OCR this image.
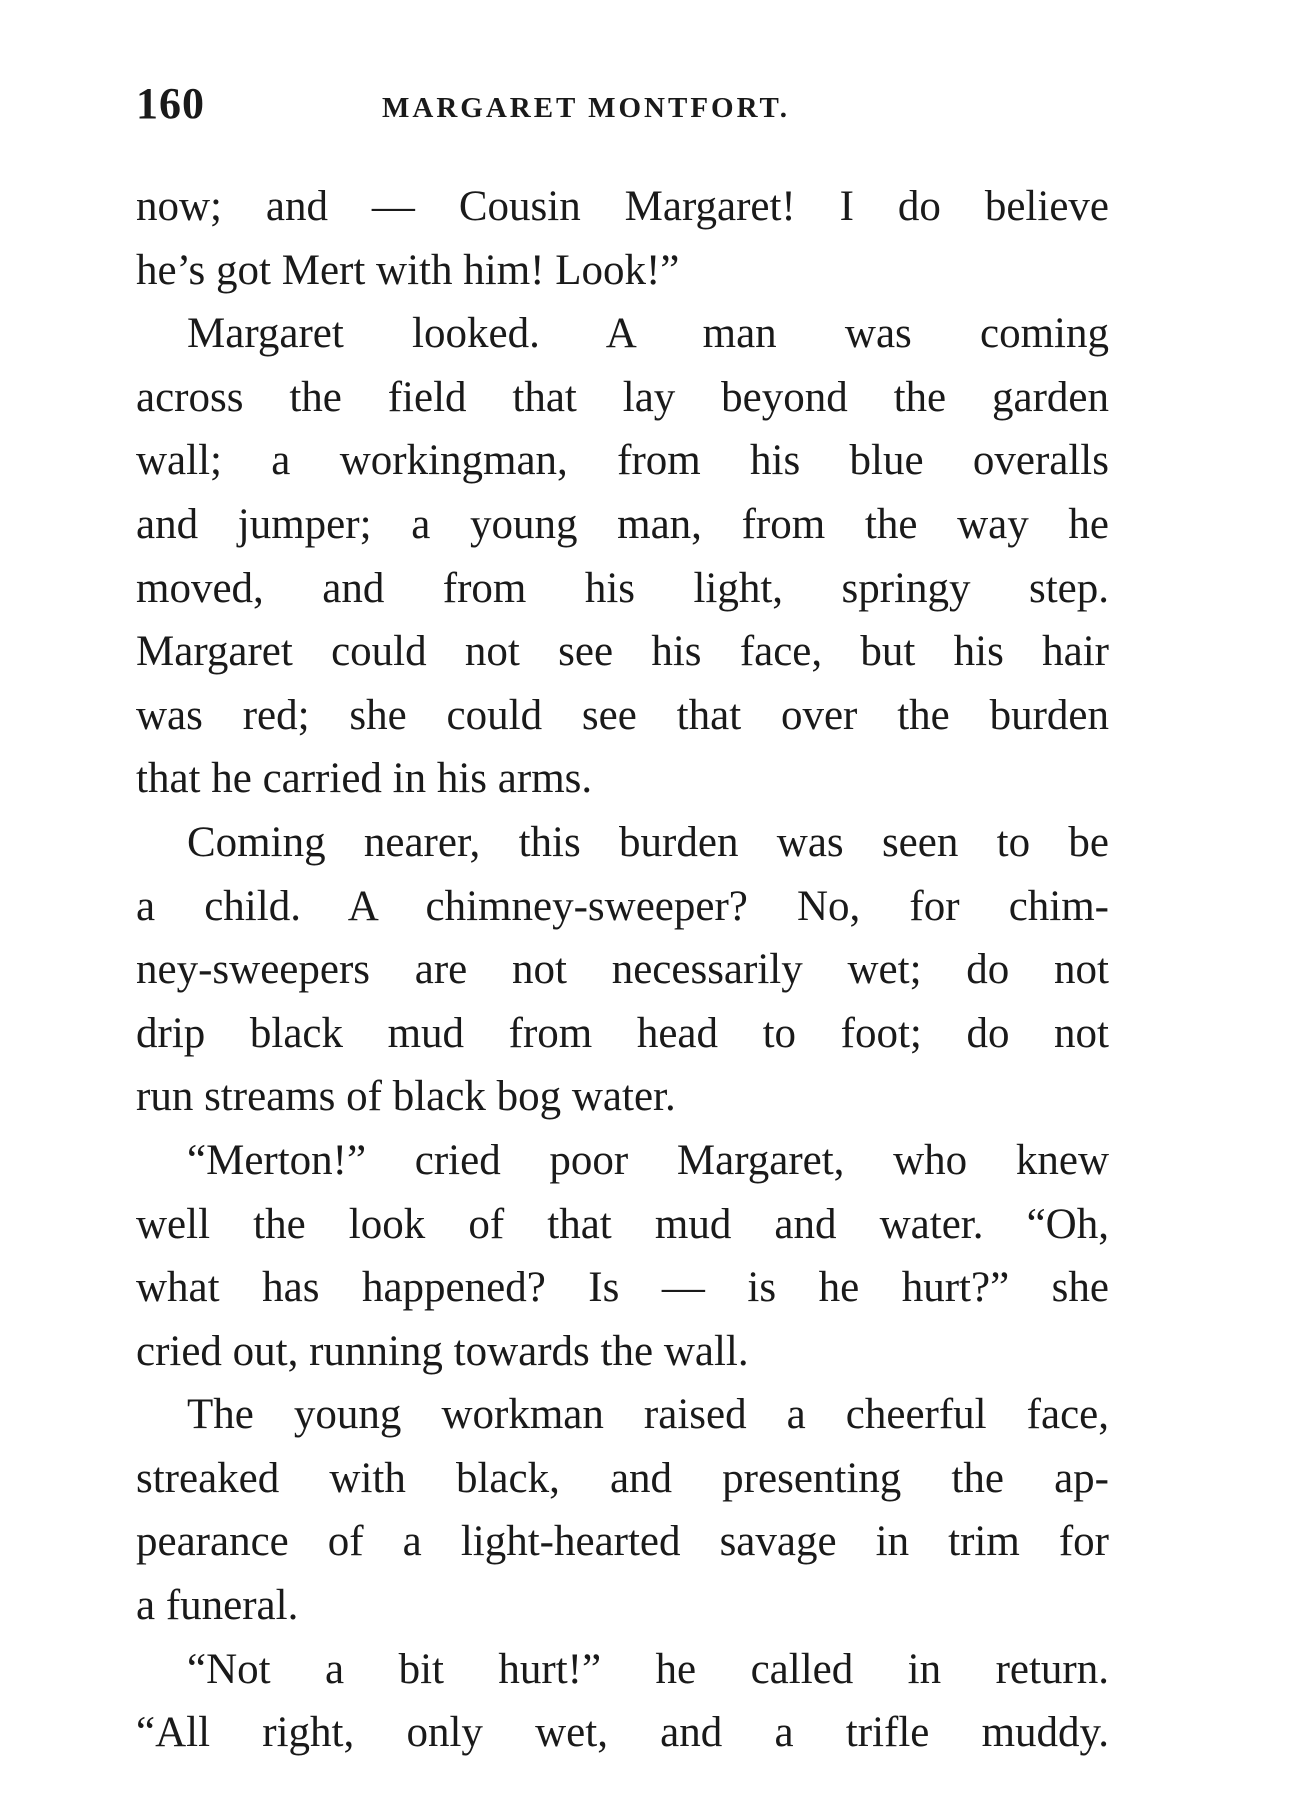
160	MARGARET MONTFORT.
now; and — Cousin Margaret! I do believe
he’s got Mert with him! Look!”
Margaret looked. A man was coming
across the field that lay beyond the garden
wall; a workingman, from his blue overalls
and jumper; a young man, from the way he
moved, and from his light, springy step.
Margaret could not see his face, but his hair
was red; she could see that over the burden
that he carried in his arms.
Coming nearer, this burden was seen to be
a child. A chimney-sweeper? No, for chim-
ney-sweepers are not necessarily wet; do not
drip black mud from head to foot; do not
run streams of black bog water.
“Merton!” cried poor Margaret, who knew
well the look of that mud and water. “Oh,
what has happened? Is — is he hurt?” she
cried out, running towards the wall.
The young workman raised a cheerful face,
streaked with black, and presenting the ap-
pearance of a light-hearted savage in trim for
a funeral.
“Not a bit hurt!” he called in return.
“All right, only wet, and a trifle muddy.
